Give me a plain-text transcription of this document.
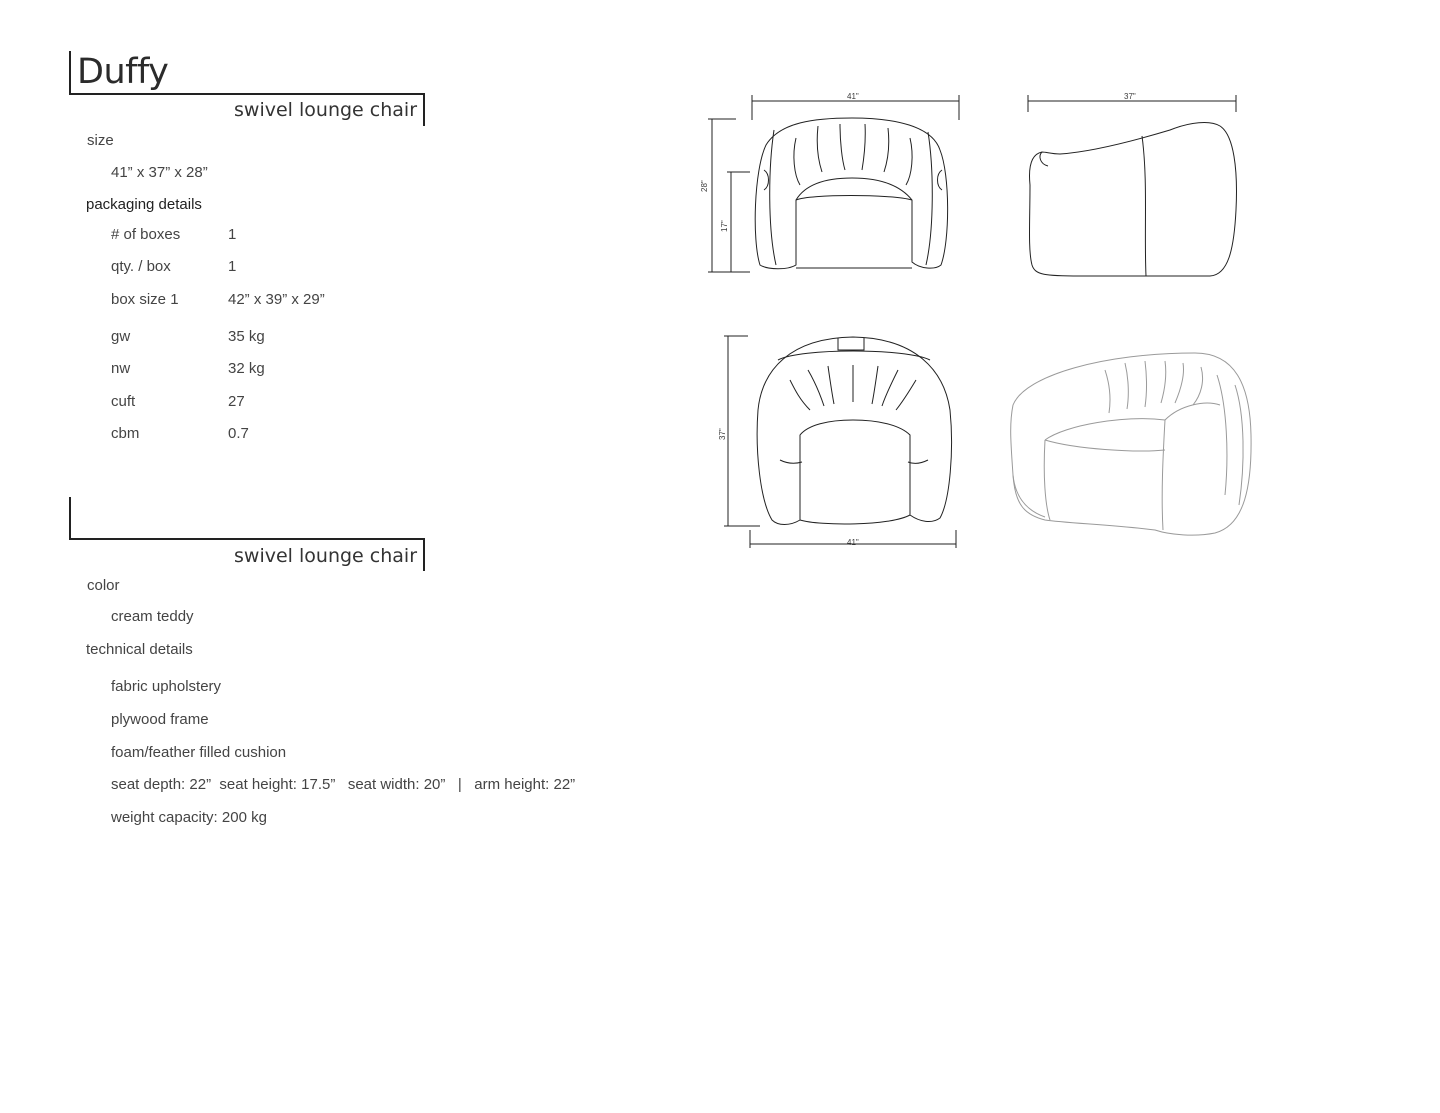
Duffy
swivel lounge chair
size
41” x 37” x 28”
packaging details
# of boxes	1
qty. / box	1
box size 1	42” x 39” x 29”
gw	35 kg
nw	32 kg
cuft	27
cbm	0.7
swivel lounge chair
color
cream teddy
technical details
fabric upholstery
plywood frame
foam/feather filled cushion
seat depth: 22”  seat height: 17.5”   seat width: 20”   |   arm height: 22”
weight capacity: 200 kg
41"
28"
17"
37"
37"
41"
